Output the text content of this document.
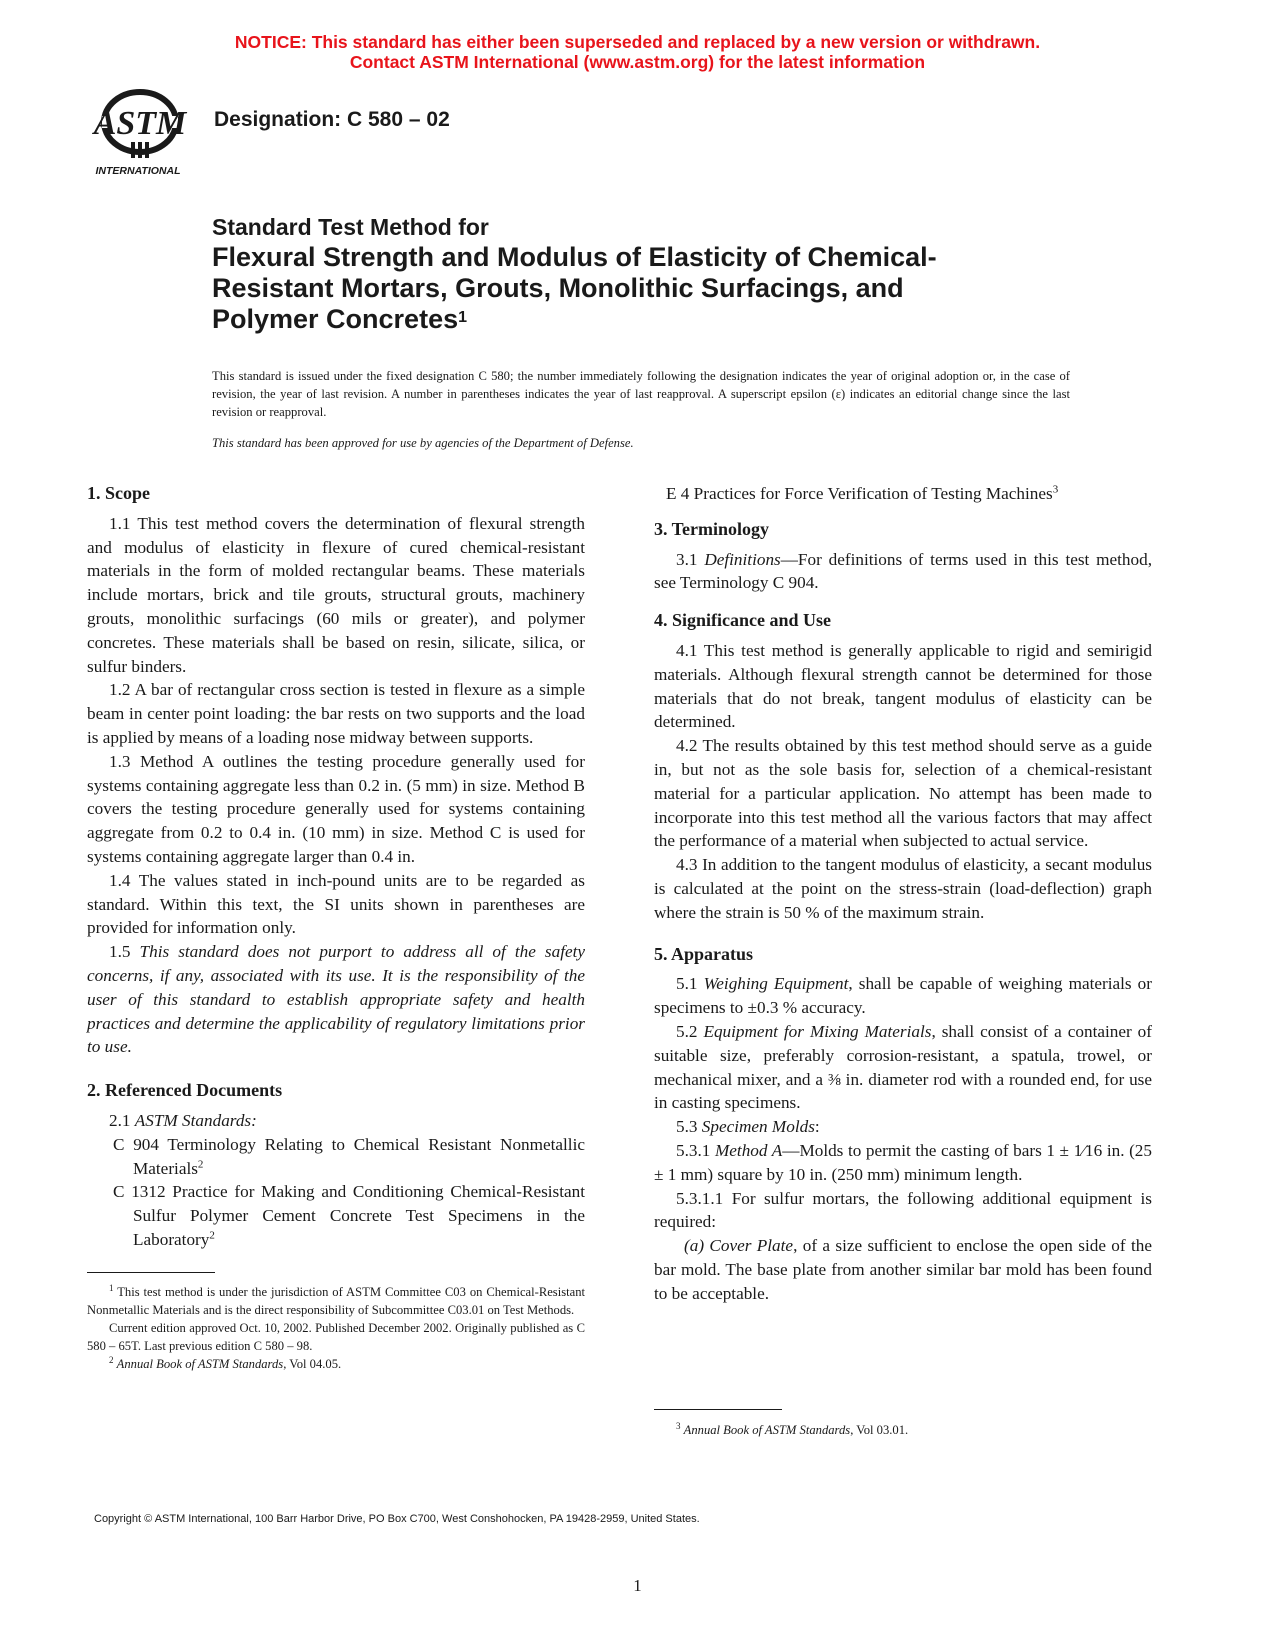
NOTICE: This standard has either been superseded and replaced by a new version or withdrawn.
Contact ASTM International (www.astm.org) for the latest information
ASTM
INTERNATIONAL
Designation: C 580 – 02
Standard Test Method for
Flexural Strength and Modulus of Elasticity of Chemical-
Resistant Mortars, Grouts, Monolithic Surfacings, and
Polymer Concretes$^1$
This standard is issued under the fixed designation C 580; the number immediately following the designation indicates the year of original adoption or, in the case of revision, the year of last revision. A number in parentheses indicates the year of last reapproval. A superscript epsilon (ε) indicates an editorial change since the last revision or reapproval.
This standard has been approved for use by agencies of the Department of Defense.
1. Scope

1.1 This test method covers the determination of flexural strength and modulus of elasticity in flexure of cured chemical-resistant materials in the form of molded rectangular beams. These materials include mortars, brick and tile grouts, structural grouts, machinery grouts, monolithic surfacings (60 mils or greater), and polymer concretes. These materials shall be based on resin, silicate, silica, or sulfur binders.

1.2 A bar of rectangular cross section is tested in flexure as a simple beam in center point loading: the bar rests on two supports and the load is applied by means of a loading nose midway between supports.

1.3 Method A outlines the testing procedure generally used for systems containing aggregate less than 0.2 in. (5 mm) in size. Method B covers the testing procedure generally used for systems containing aggregate from 0.2 to 0.4 in. (10 mm) in size. Method C is used for systems containing aggregate larger than 0.4 in.

1.4 The values stated in inch-pound units are to be regarded as standard. Within this text, the SI units shown in parentheses are provided for information only.

1.5 This standard does not purport to address all of the safety concerns, if any, associated with its use. It is the responsibility of the user of this standard to establish appropriate safety and health practices and determine the applicability of regulatory limitations prior to use.

2. Referenced Documents

2.1 ASTM Standards:

C 904 Terminology Relating to Chemical Resistant Nonmetallic Materials$^2$

C 1312 Practice for Making and Conditioning Chemical-Resistant Sulfur Polymer Cement Concrete Test Specimens in the Laboratory$^2$

$^1$ This test method is under the jurisdiction of ASTM Committee C03 on Chemical-Resistant Nonmetallic Materials and is the direct responsibility of Subcommittee C03.01 on Test Methods.

Current edition approved Oct. 10, 2002. Published December 2002. Originally published as C 580 – 65T. Last previous edition C 580 – 98.

$^2$ Annual Book of ASTM Standards, Vol 04.05.

E 4 Practices for Force Verification of Testing Machines$^3$

3. Terminology

3.1 Definitions—For definitions of terms used in this test method, see Terminology C 904.

4. Significance and Use

4.1 This test method is generally applicable to rigid and semirigid materials. Although flexural strength cannot be determined for those materials that do not break, tangent modulus of elasticity can be determined.

4.2 The results obtained by this test method should serve as a guide in, but not as the sole basis for, selection of a chemical-resistant material for a particular application. No attempt has been made to incorporate into this test method all the various factors that may affect the performance of a material when subjected to actual service.

4.3 In addition to the tangent modulus of elasticity, a secant modulus is calculated at the point on the stress-strain (load-deflection) graph where the strain is 50 % of the maximum strain.

5. Apparatus

5.1 Weighing Equipment, shall be capable of weighing materials or specimens to ±0.3 % accuracy.

5.2 Equipment for Mixing Materials, shall consist of a container of suitable size, preferably corrosion-resistant, a spatula, trowel, or mechanical mixer, and a ⅜ in. diameter rod with a rounded end, for use in casting specimens.

5.3 Specimen Molds:

5.3.1 Method A—Molds to permit the casting of bars 1 ± 1⁄16 in. (25 ± 1 mm) square by 10 in. (250 mm) minimum length.

5.3.1.1 For sulfur mortars, the following additional equipment is required:

(a) Cover Plate, of a size sufficient to enclose the open side of the bar mold. The base plate from another similar bar mold has been found to be acceptable.

$^3$ Annual Book of ASTM Standards, Vol 03.01.

Copyright © ASTM International, 100 Barr Harbor Drive, PO Box C700, West Conshohocken, PA 19428-2959, United States.
1
